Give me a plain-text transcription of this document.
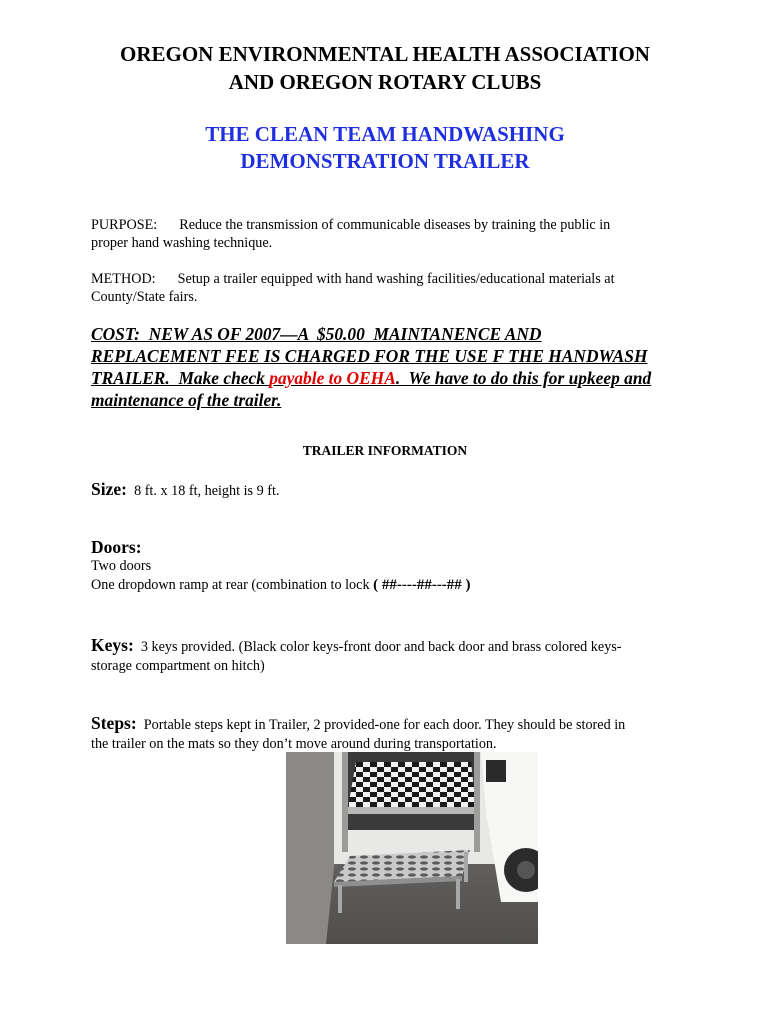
OREGON ENVIRONMENTAL HEALTH ASSOCIATION
AND OREGON ROTARY CLUBS
THE CLEAN TEAM HANDWASHING
DEMONSTRATION TRAILER
PURPOSE: Reduce the transmission of communicable diseases by training the public in
proper hand washing technique.
METHOD: Setup a trailer equipped with hand washing facilities/educational materials at
County/State fairs.
COST:  NEW AS OF 2007—A  $50.00  MAINTANENCE AND
REPLACEMENT FEE IS CHARGED FOR THE USE F THE HANDWASH
TRAILER.  Make check payable to OEHA.  We have to do this for upkeep and
maintenance of the trailer.
TRAILER INFORMATION
Size: 8 ft. x 18 ft, height is 9 ft.
Doors:
Two doors
One dropdown ramp at rear (combination to lock ( ##----##---## )
Keys: 3 keys provided. (Black color keys-front door and back door and brass colored keys-
storage compartment on hitch)
Steps: Portable steps kept in Trailer, 2 provided-one for each door. They should be stored in
the trailer on the mats so they don’t move around during transportation.
